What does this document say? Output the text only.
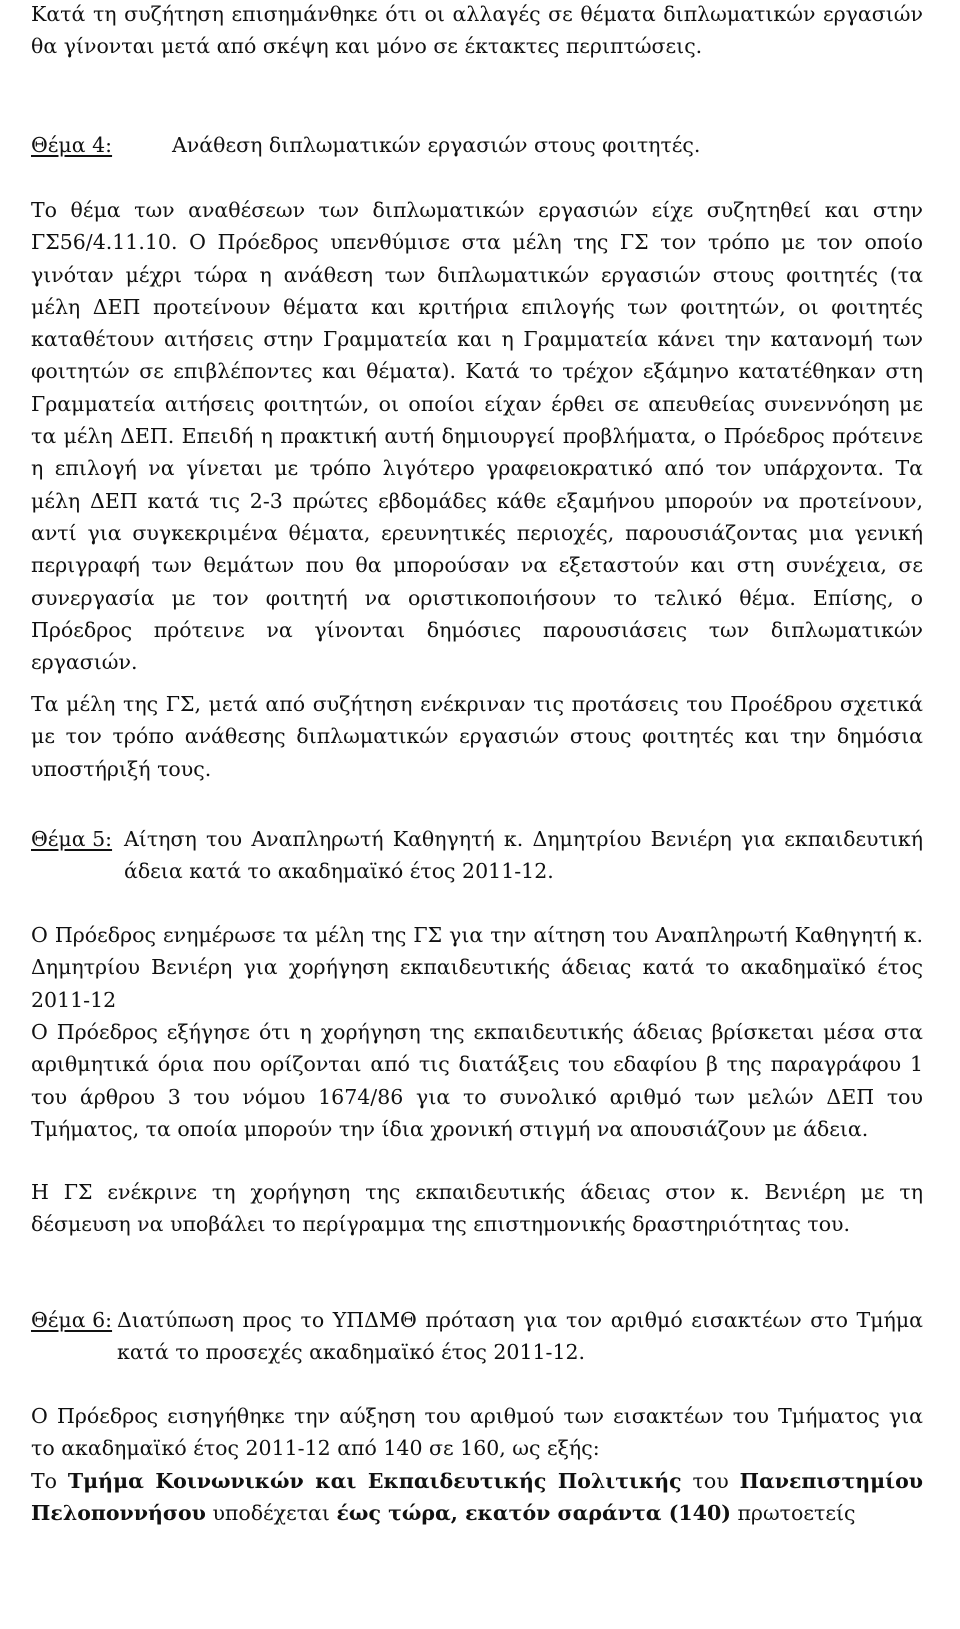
Κατά τη συζήτηση επισημάνθηκε ότι οι αλλαγές σε θέματα διπλωματικών εργασιών θα γίνονται μετά από σκέψη και μόνο σε έκτακτες περιπτώσεις.

Θέμα 4:	Ανάθεση διπλωματικών εργασιών στους φοιτητές.

Το θέμα των αναθέσεων των διπλωματικών εργασιών είχε συζητηθεί και στην ΓΣ56/4.11.10. Ο Πρόεδρος υπενθύμισε στα μέλη της ΓΣ τον τρόπο με τον οποίο γινόταν μέχρι τώρα η ανάθεση των διπλωματικών εργασιών στους φοιτητές (τα μέλη ΔΕΠ προτείνουν θέματα και κριτήρια επιλογής των φοιτητών, οι φοιτητές καταθέτουν αιτήσεις στην Γραμματεία και η Γραμματεία κάνει την κατανομή των φοιτητών σε επιβλέποντες και θέματα). Κατά το τρέχον εξάμηνο κατατέθηκαν στη Γραμματεία αιτήσεις φοιτητών, οι οποίοι είχαν έρθει σε απευθείας συνεννόηση με τα μέλη ΔΕΠ. Επειδή η πρακτική αυτή δημιουργεί προβλήματα, ο Πρόεδρος πρότεινε η επιλογή να γίνεται με τρόπο λιγότερο γραφειοκρατικό από τον υπάρχοντα. Τα μέλη ΔΕΠ κατά τις 2-3 πρώτες εβδομάδες κάθε εξαμήνου μπορούν να προτείνουν, αντί για συγκεκριμένα θέματα, ερευνητικές περιοχές, παρουσιάζοντας μια γενική περιγραφή των θεμάτων που θα μπορούσαν να εξεταστούν και στη συνέχεια, σε συνεργασία με τον φοιτητή να οριστικοποιήσουν το τελικό θέμα. Επίσης, ο Πρόεδρος πρότεινε να γίνονται δημόσιες παρουσιάσεις των διπλωματικών εργασιών.

Τα μέλη της ΓΣ, μετά από συζήτηση ενέκριναν τις προτάσεις του Προέδρου σχετικά με τον τρόπο ανάθεσης διπλωματικών εργασιών στους φοιτητές και την δημόσια υποστήριξή τους.

Θέμα 5: Αίτηση του Αναπληρωτή Καθηγητή κ. Δημητρίου Βενιέρη για εκπαιδευτική άδεια κατά το ακαδημαϊκό έτος 2011-12.

Ο Πρόεδρος ενημέρωσε τα μέλη της ΓΣ για την αίτηση του Αναπληρωτή Καθηγητή κ. Δημητρίου Βενιέρη για χορήγηση εκπαιδευτικής άδειας κατά το ακαδημαϊκό έτος 2011-12

Ο Πρόεδρος εξήγησε ότι η χορήγηση της εκπαιδευτικής άδειας βρίσκεται μέσα στα αριθμητικά όρια που ορίζονται από τις διατάξεις του εδαφίου β της παραγράφου 1 του άρθρου 3 του νόμου 1674/86 για το συνολικό αριθμό των μελών ΔΕΠ του Τμήματος, τα οποία μπορούν την ίδια χρονική στιγμή να απουσιάζουν με άδεια.

Η ΓΣ ενέκρινε τη χορήγηση της εκπαιδευτικής άδειας στον κ. Βενιέρη με τη δέσμευση να υποβάλει το περίγραμμα της επιστημονικής δραστηριότητας του.

Θέμα 6: Διατύπωση προς το ΥΠΔΜΘ πρόταση για τον αριθμό εισακτέων στο Τμήμα κατά το προσεχές ακαδημαϊκό έτος 2011-12.

Ο Πρόεδρος εισηγήθηκε την αύξηση του αριθμού των εισακτέων του Τμήματος για το ακαδημαϊκό έτος 2011-12 από 140 σε 160, ως εξής:

Το Τμήμα Κοινωνικών και Εκπαιδευτικής Πολιτικής του Πανεπιστημίου Πελοποννήσου υποδέχεται έως τώρα, εκατόν σαράντα (140) πρωτοετείς
